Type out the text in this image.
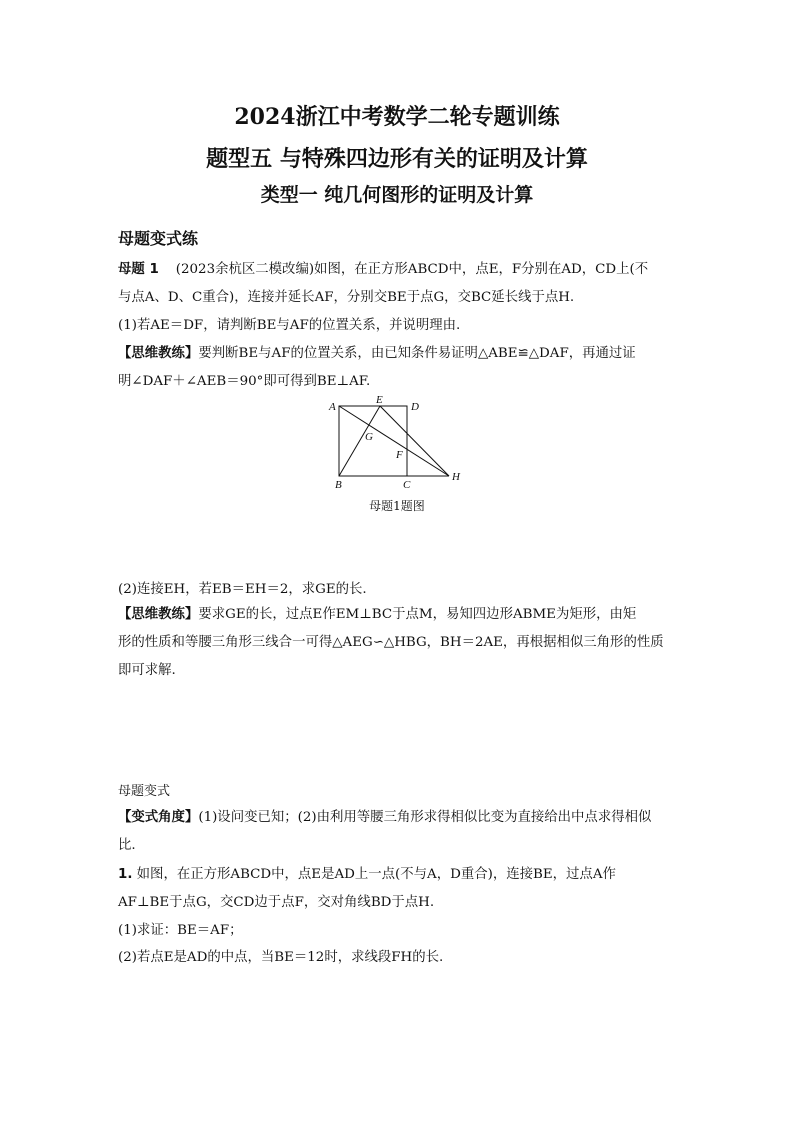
2024浙江中考数学二轮专题训练
题型五 与特殊四边形有关的证明及计算
类型一 纯几何图形的证明及计算
母题变式练
母题 1 (2023余杭区二模改编)如图，在正方形ABCD中，点E，F分别在AD，CD上(不
与点A、D、C重合)，连接并延长AF，分别交BE于点G，交BC延长线于点H.
(1)若AE＝DF，请判断BE与AF的位置关系，并说明理由.
【思维教练】要判断BE与AF的位置关系，由已知条件易证明△ABE≌△DAF，再通过证
明∠DAF＋∠AEB＝90°即可得到BE⊥AF.
A
E
D
G
F
H
B	C
母题1题图
(2)连接EH，若EB＝EH＝2，求GE的长.
【思维教练】要求GE的长，过点E作EM⊥BC于点M，易知四边形ABME为矩形，由矩
形的性质和等腰三角形三线合一可得△AEG∽△HBG，BH＝2AE，再根据相似三角形的性质
即可求解.
母题变式
【变式角度】(1)设问变已知；(2)由利用等腰三角形求得相似比变为直接给出中点求得相似
比.
1. 如图，在正方形ABCD中，点E是AD上一点(不与A，D重合)，连接BE，过点A作
AF⊥BE于点G，交CD边于点F，交对角线BD于点H.
(1)求证：BE＝AF；
(2)若点E是AD的中点，当BE＝12时，求线段FH的长.
